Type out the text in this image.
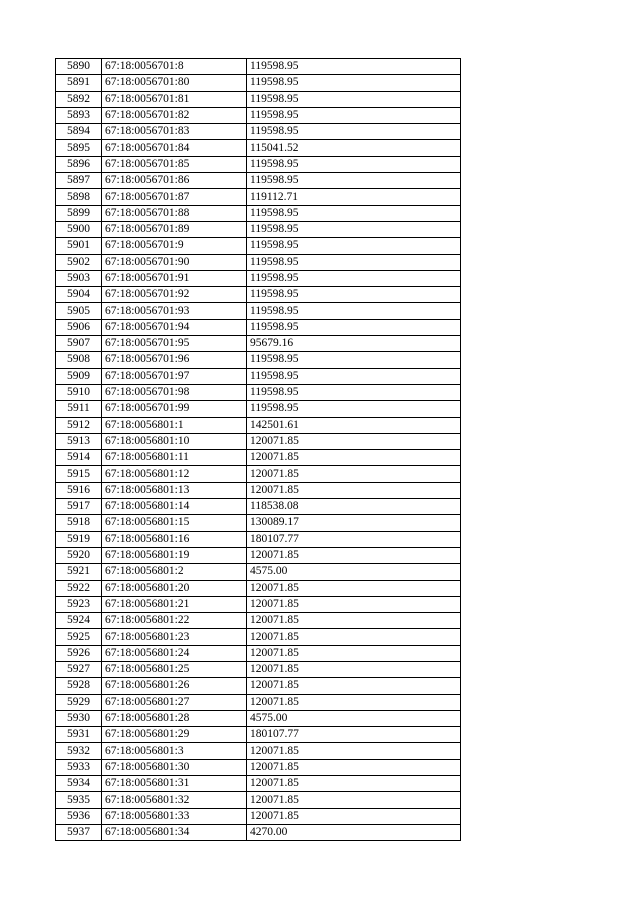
5890	67:18:0056701:8	119598.95
5891	67:18:0056701:80	119598.95
5892	67:18:0056701:81	119598.95
5893	67:18:0056701:82	119598.95
5894	67:18:0056701:83	119598.95
5895	67:18:0056701:84	115041.52
5896	67:18:0056701:85	119598.95
5897	67:18:0056701:86	119598.95
5898	67:18:0056701:87	119112.71
5899	67:18:0056701:88	119598.95
5900	67:18:0056701:89	119598.95
5901	67:18:0056701:9	119598.95
5902	67:18:0056701:90	119598.95
5903	67:18:0056701:91	119598.95
5904	67:18:0056701:92	119598.95
5905	67:18:0056701:93	119598.95
5906	67:18:0056701:94	119598.95
5907	67:18:0056701:95	95679.16
5908	67:18:0056701:96	119598.95
5909	67:18:0056701:97	119598.95
5910	67:18:0056701:98	119598.95
5911	67:18:0056701:99	119598.95
5912	67:18:0056801:1	142501.61
5913	67:18:0056801:10	120071.85
5914	67:18:0056801:11	120071.85
5915	67:18:0056801:12	120071.85
5916	67:18:0056801:13	120071.85
5917	67:18:0056801:14	118538.08
5918	67:18:0056801:15	130089.17
5919	67:18:0056801:16	180107.77
5920	67:18:0056801:19	120071.85
5921	67:18:0056801:2	4575.00
5922	67:18:0056801:20	120071.85
5923	67:18:0056801:21	120071.85
5924	67:18:0056801:22	120071.85
5925	67:18:0056801:23	120071.85
5926	67:18:0056801:24	120071.85
5927	67:18:0056801:25	120071.85
5928	67:18:0056801:26	120071.85
5929	67:18:0056801:27	120071.85
5930	67:18:0056801:28	4575.00
5931	67:18:0056801:29	180107.77
5932	67:18:0056801:3	120071.85
5933	67:18:0056801:30	120071.85
5934	67:18:0056801:31	120071.85
5935	67:18:0056801:32	120071.85
5936	67:18:0056801:33	120071.85
5937	67:18:0056801:34	4270.00
